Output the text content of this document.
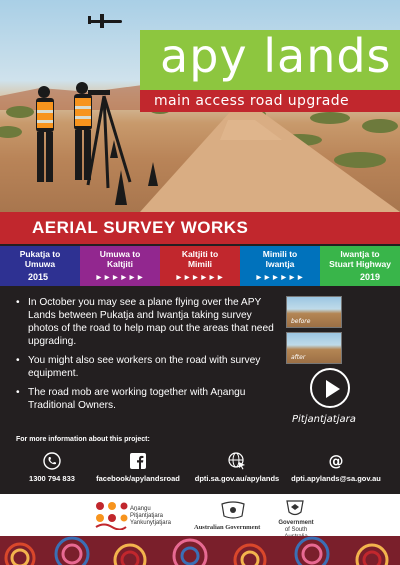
apy lands
main access road upgrade
AERIAL SURVEY WORKS
Pukatja to
Umuwa
2015
Umuwa to
Kaltjiti
▶ ▶ ▶ ▶ ▶ ▶
Kaltjiti to
Mimili
▶ ▶ ▶ ▶ ▶ ▶
Mimili to
Iwantja
▶ ▶ ▶ ▶ ▶ ▶
Iwantja to
Stuart Highway
2019
• In October you may see a plane flying over the APY Lands between Pukatja and Iwantja taking survey photos of the road to help map out the areas that need upgrading.
• You might also see workers on the road with survey equipment.
• The road mob are working together with Aṉangu Traditional Owners.
before
after
Pitjantjatjara
For more information about this project:
1300 794 833	facebook/apylandsroad	dpti.sa.gov.au/apylands
@
dpti.apylands@sa.gov.au
Aṉangu
Pitjantjatjara
Yankunytjatjara
Australian Government
Government
of South
